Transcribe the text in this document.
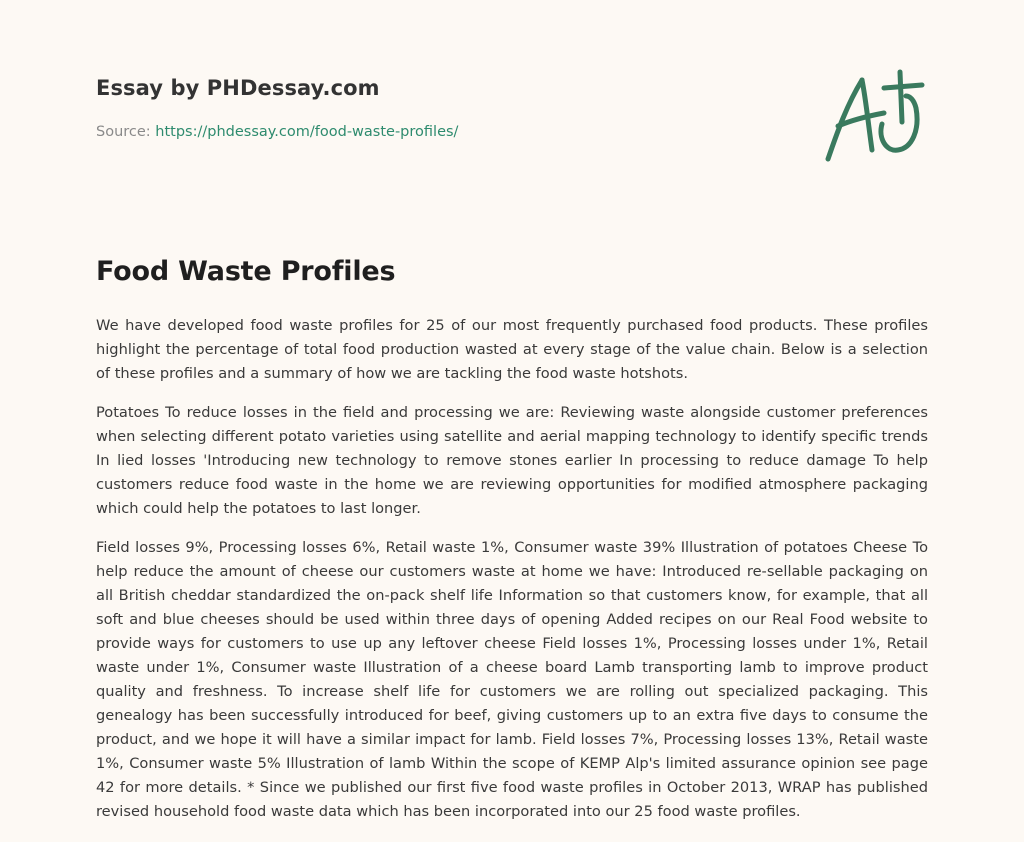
Essay by PHDessay.com
Source: https://phdessay.com/food-waste-profiles/
Food Waste Profiles

We have developed food waste profiles for 25 of our most frequently purchased food products. These profiles highlight the percentage of total food production wasted at every stage of the value chain. Below is a selection of these profiles and a summary of how we are tackling the food waste hotshots.

Potatoes To reduce losses in the field and processing we are: Reviewing waste alongside customer preferences when selecting different potato varieties using satellite and aerial mapping technology to identify specific trends In lied losses 'Introducing new technology to remove stones earlier In processing to reduce damage To help customers reduce food waste in the home we are reviewing opportunities for modified atmosphere packaging which could help the potatoes to last longer.

Field losses 9%, Processing losses 6%, Retail waste 1%, Consumer waste 39% Illustration of potatoes Cheese To help reduce the amount of cheese our customers waste at home we have: Introduced re-sellable packaging on all British cheddar standardized the on-pack shelf life Information so that customers know, for example, that all soft and blue cheeses should be used within three days of opening Added recipes on our Real Food website to provide ways for customers to use up any leftover cheese Field losses 1%, Processing losses under 1%, Retail waste under 1%, Consumer waste Illustration of a cheese board Lamb transporting lamb to improve product quality and freshness. To increase shelf life for customers we are rolling out specialized packaging. This genealogy has been successfully introduced for beef, giving customers up to an extra five days to consume the product, and we hope it will have a similar impact for lamb. Field losses 7%, Processing losses 13%, Retail waste 1%, Consumer waste 5% Illustration of lamb Within the scope of KEMP Alp's limited assurance opinion see page 42 for more details. * Since we published our first five food waste profiles in October 2013, WRAP has published revised household food waste data which has been incorporated into our 25 food waste profiles.
